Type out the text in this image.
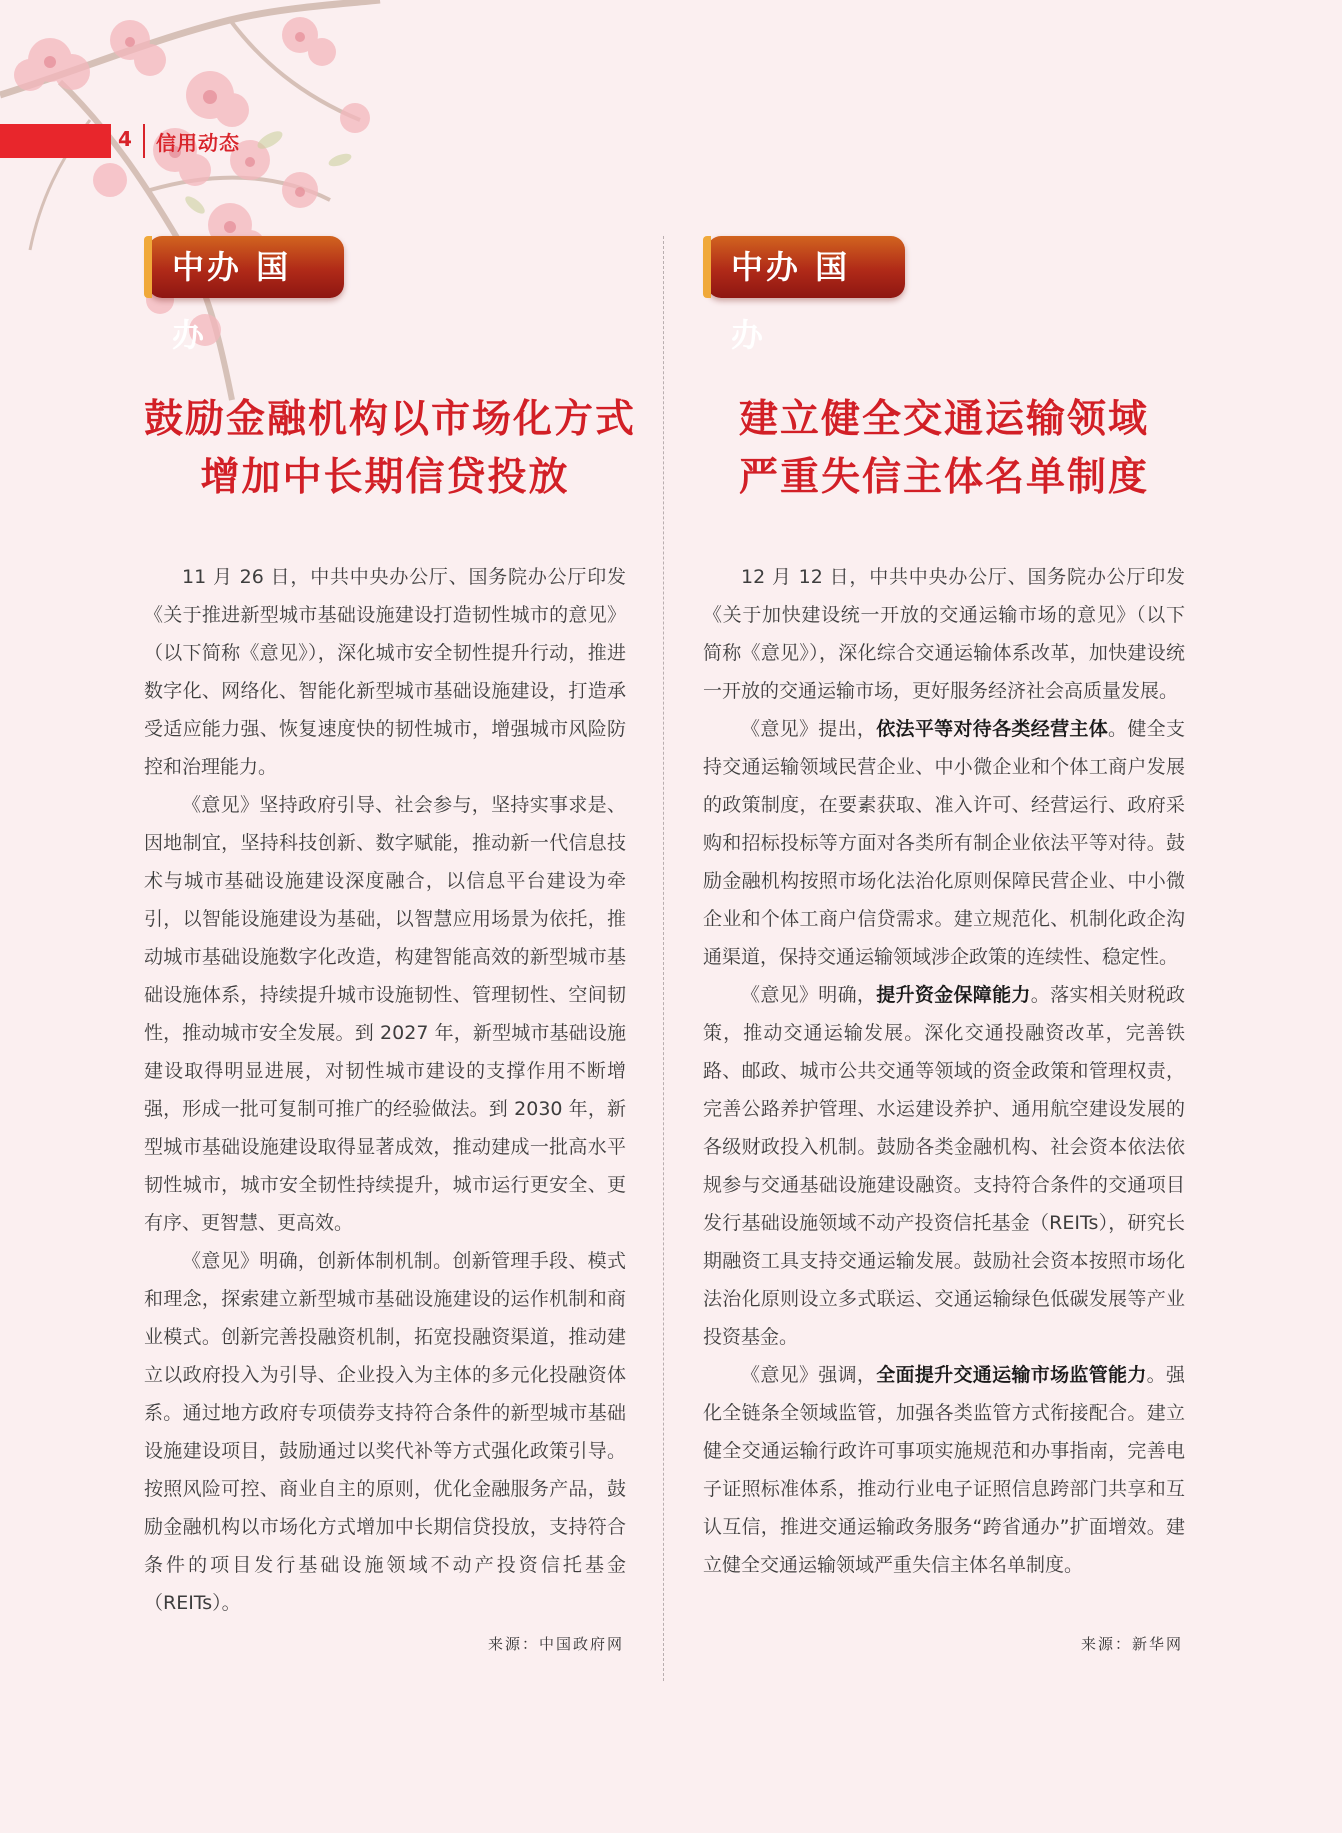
4 信用动态
中办 国办
鼓励金融机构以市场化方式
增加中长期信贷投放

11 月 26 日，中共中央办公厅、国务院办公厅印发《关于推进新型城市基础设施建设打造韧性城市的意见》（以下简称《意见》），深化城市安全韧性提升行动，推进数字化、网络化、智能化新型城市基础设施建设，打造承受适应能力强、恢复速度快的韧性城市，增强城市风险防控和治理能力。

《意见》坚持政府引导、社会参与，坚持实事求是、因地制宜，坚持科技创新、数字赋能，推动新一代信息技术与城市基础设施建设深度融合，以信息平台建设为牵引，以智能设施建设为基础，以智慧应用场景为依托，推动城市基础设施数字化改造，构建智能高效的新型城市基础设施体系，持续提升城市设施韧性、管理韧性、空间韧性，推动城市安全发展。到 2027 年，新型城市基础设施建设取得明显进展，对韧性城市建设的支撑作用不断增强，形成一批可复制可推广的经验做法。到 2030 年，新型城市基础设施建设取得显著成效，推动建成一批高水平韧性城市，城市安全韧性持续提升，城市运行更安全、更有序、更智慧、更高效。

《意见》明确，创新体制机制。创新管理手段、模式和理念，探索建立新型城市基础设施建设的运作机制和商业模式。创新完善投融资机制，拓宽投融资渠道，推动建立以政府投入为引导、企业投入为主体的多元化投融资体系。通过地方政府专项债券支持符合条件的新型城市基础设施建设项目，鼓励通过以奖代补等方式强化政策引导。按照风险可控、商业自主的原则，优化金融服务产品，鼓励金融机构以市场化方式增加中长期信贷投放，支持符合条件的项目发行基础设施领域不动产投资信托基金（REITs）。

中办 国办
建立健全交通运输领域
严重失信主体名单制度

12 月 12 日，中共中央办公厅、国务院办公厅印发《关于加快建设统一开放的交通运输市场的意见》（以下简称《意见》），深化综合交通运输体系改革，加快建设统一开放的交通运输市场，更好服务经济社会高质量发展。

《意见》提出，依法平等对待各类经营主体。健全支持交通运输领域民营企业、中小微企业和个体工商户发展的政策制度，在要素获取、准入许可、经营运行、政府采购和招标投标等方面对各类所有制企业依法平等对待。鼓励金融机构按照市场化法治化原则保障民营企业、中小微企业和个体工商户信贷需求。建立规范化、机制化政企沟通渠道，保持交通运输领域涉企政策的连续性、稳定性。

《意见》明确，提升资金保障能力。落实相关财税政策，推动交通运输发展。深化交通投融资改革，完善铁路、邮政、城市公共交通等领域的资金政策和管理权责，完善公路养护管理、水运建设养护、通用航空建设发展的各级财政投入机制。鼓励各类金融机构、社会资本依法依规参与交通基础设施建设融资。支持符合条件的交通项目发行基础设施领域不动产投资信托基金（REITs），研究长期融资工具支持交通运输发展。鼓励社会资本按照市场化法治化原则设立多式联运、交通运输绿色低碳发展等产业投资基金。

《意见》强调，全面提升交通运输市场监管能力。强化全链条全领域监管，加强各类监管方式衔接配合。建立健全交通运输行政许可事项实施规范和办事指南，完善电子证照标准体系，推动行业电子证照信息跨部门共享和互认互信，推进交通运输政务服务“跨省通办”扩面增效。建立健全交通运输领域严重失信主体名单制度。

来源：中国政府网	来源：新华网
